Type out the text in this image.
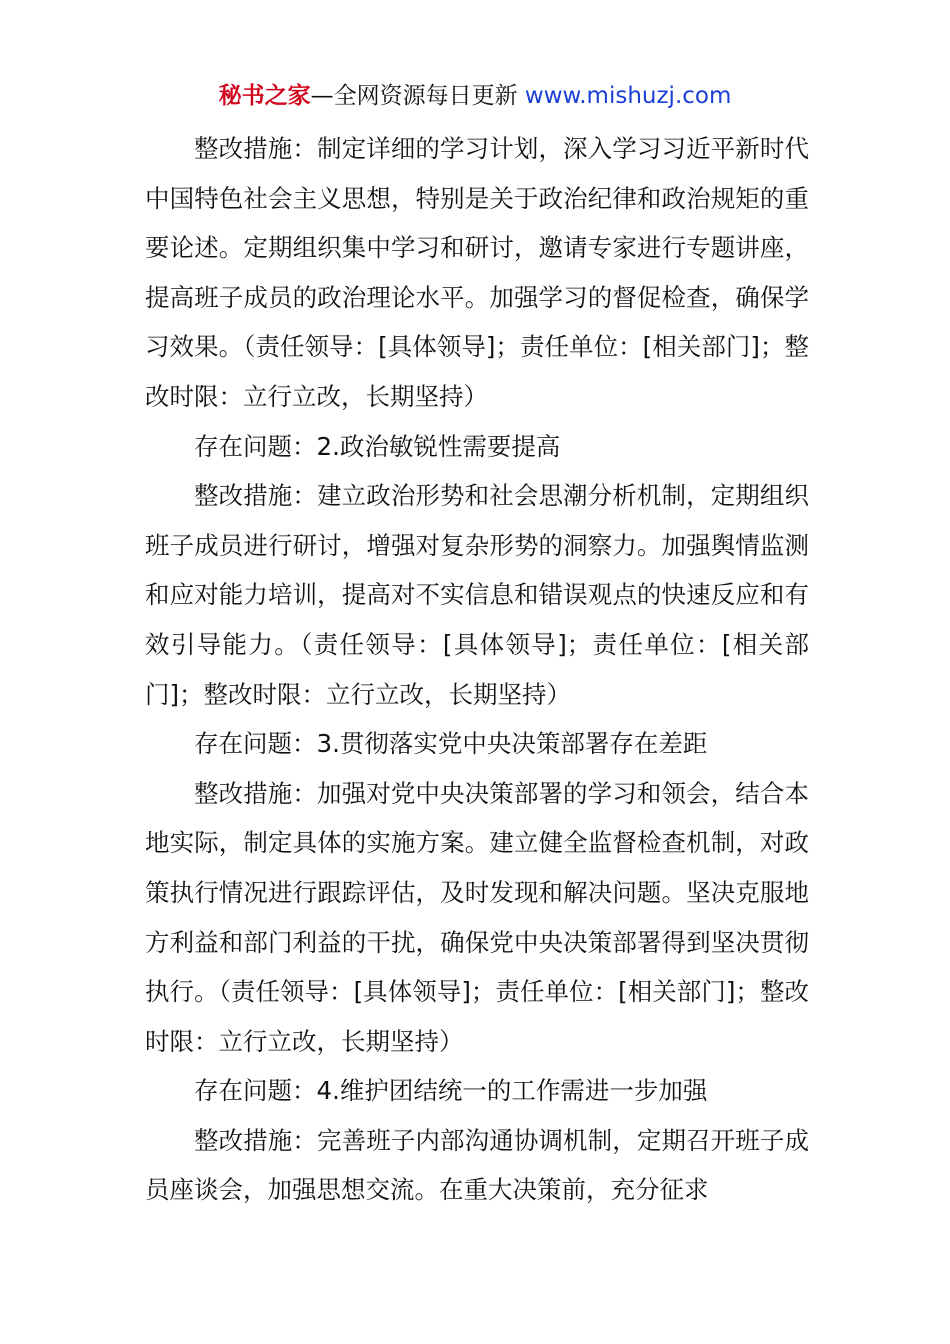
秘书之家—全网资源每日更新 www.mishuzj.com

整改措施：制定详细的学习计划，深入学习习近平新时代中国特色社会主义思想，特别是关于政治纪律和政治规矩的重要论述。定期组织集中学习和研讨，邀请专家进行专题讲座，提高班子成员的政治理论水平。加强学习的督促检查，确保学习效果。（责任领导：[具体领导]；责任单位：[相关部门]；整改时限：立行立改，长期坚持）

存在问题：2.政治敏锐性需要提高

整改措施：建立政治形势和社会思潮分析机制，定期组织班子成员进行研讨，增强对复杂形势的洞察力。加强舆情监测和应对能力培训，提高对不实信息和错误观点的快速反应和有效引导能力。（责任领导：[具体领导]；责任单位：[相关部门]；整改时限：立行立改，长期坚持）

存在问题：3.贯彻落实党中央决策部署存在差距

整改措施：加强对党中央决策部署的学习和领会，结合本地实际，制定具体的实施方案。建立健全监督检查机制，对政策执行情况进行跟踪评估，及时发现和解决问题。坚决克服地方利益和部门利益的干扰，确保党中央决策部署得到坚决贯彻执行。（责任领导：[具体领导]；责任单位：[相关部门]；整改时限：立行立改，长期坚持）

存在问题：4.维护团结统一的工作需进一步加强

整改措施：完善班子内部沟通协调机制，定期召开班子成员座谈会，加强思想交流。在重大决策前，充分征求
